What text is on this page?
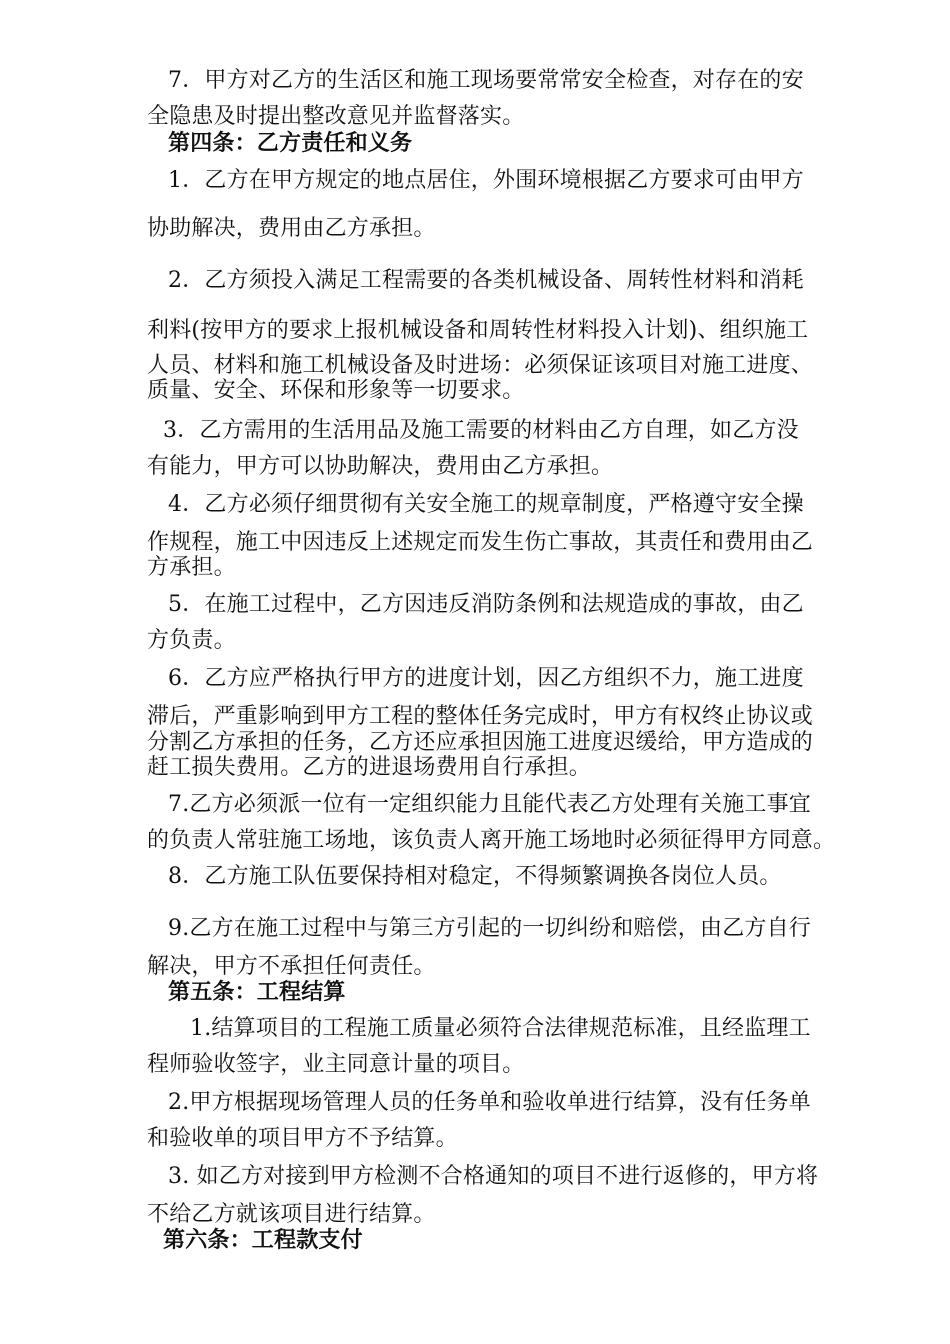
7．甲方对乙方的生活区和施工现场要常常安全检查，对存在的安
全隐患及时提出整改意见并监督落实。
第四条：乙方责任和义务
1．乙方在甲方规定的地点居住，外围环境根据乙方要求可由甲方
协助解决，费用由乙方承担。
2．乙方须投入满足工程需要的各类机械设备、周转性材料和消耗
利料(按甲方的要求上报机械设备和周转性材料投入计划)、组织施工
人员、材料和施工机械设备及时进场：必须保证该项目对施工进度、
质量、安全、环保和形象等一切要求。
3．乙方需用的生活用品及施工需要的材料由乙方自理，如乙方没
有能力，甲方可以协助解决，费用由乙方承担。
4．乙方必须仔细贯彻有关安全施工的规章制度，严格遵守安全操
作规程，施工中因违反上述规定而发生伤亡事故，其责任和费用由乙
方承担。
5．在施工过程中，乙方因违反消防条例和法规造成的事故，由乙
方负责。
6．乙方应严格执行甲方的进度计划，因乙方组织不力，施工进度
滞后，严重影响到甲方工程的整体任务完成时，甲方有权终止协议或
分割乙方承担的任务，乙方还应承担因施工进度迟缓给，甲方造成的
赶工损失费用。乙方的进退场费用自行承担。
7.乙方必须派一位有一定组织能力且能代表乙方处理有关施工事宜
的负责人常驻施工场地，该负责人离开施工场地时必须征得甲方同意。
8．乙方施工队伍要保持相对稳定，不得频繁调换各岗位人员。
9.乙方在施工过程中与第三方引起的一切纠纷和赔偿，由乙方自行
解决，甲方不承担任何责任。
第五条：工程结算
1.结算项目的工程施工质量必须符合法律规范标准，且经监理工
程师验收签字，业主同意计量的项目。
2.甲方根据现场管理人员的任务单和验收单进行结算，没有任务单
和验收单的项目甲方不予结算。
3. 如乙方对接到甲方检测不合格通知的项目不进行返修的，甲方将
不给乙方就该项目进行结算。
第六条：工程款支付
